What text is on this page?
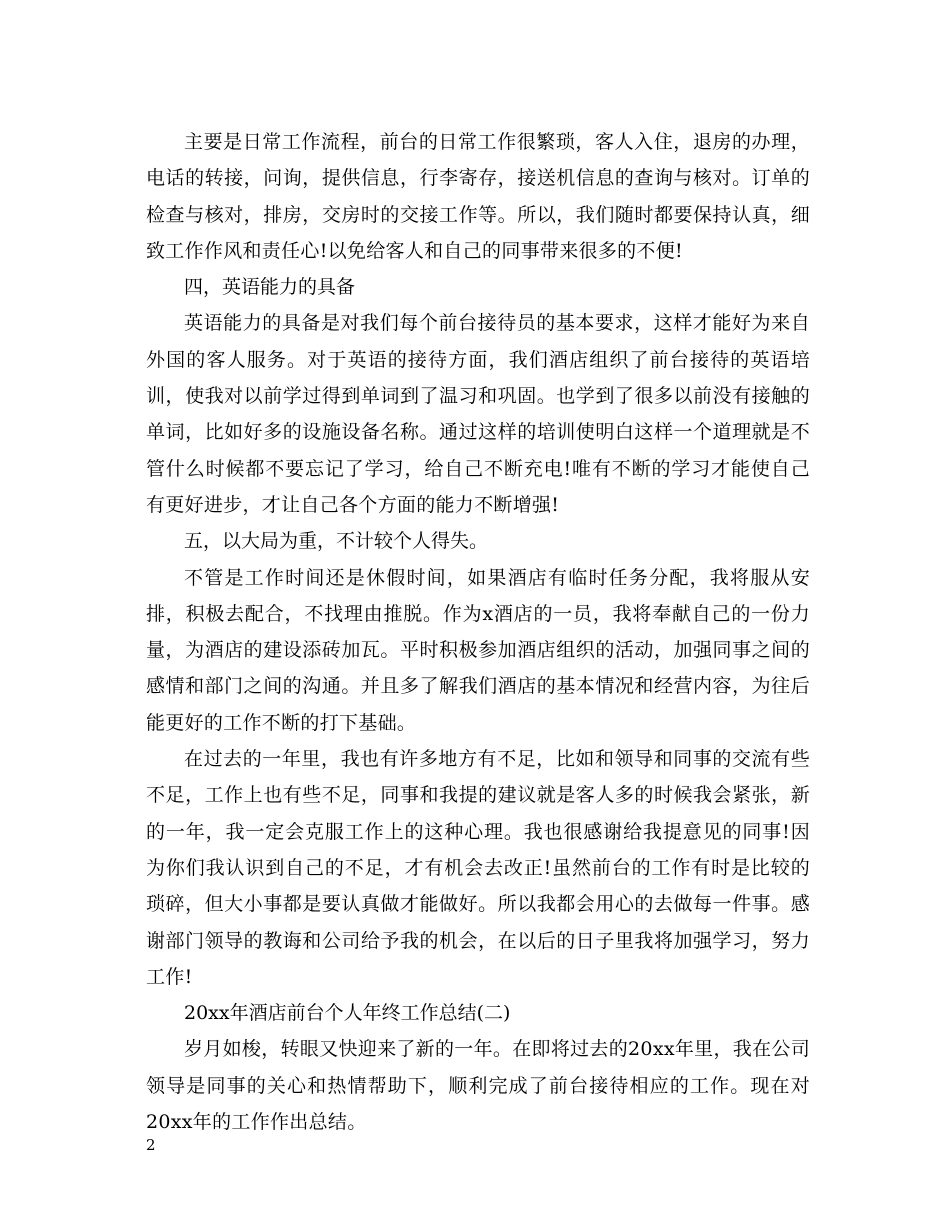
主要是日常工作流程，前台的日常工作很繁琐，客人入住，退房的办理，电话的转接，问询，提供信息，行李寄存，接送机信息的查询与核对。订单的检查与核对，排房，交房时的交接工作等。所以，我们随时都要保持认真，细致工作作风和责任心!以免给客人和自己的同事带来很多的不便!

四，英语能力的具备

英语能力的具备是对我们每个前台接待员的基本要求，这样才能好为来自外国的客人服务。对于英语的接待方面，我们酒店组织了前台接待的英语培训，使我对以前学过得到单词到了温习和巩固。也学到了很多以前没有接触的单词，比如好多的设施设备名称。通过这样的培训使明白这样一个道理就是不管什么时候都不要忘记了学习，给自己不断充电!唯有不断的学习才能使自己有更好进步，才让自己各个方面的能力不断增强!

五，以大局为重，不计较个人得失。

不管是工作时间还是休假时间，如果酒店有临时任务分配，我将服从安排，积极去配合，不找理由推脱。作为x酒店的一员，我将奉献自己的一份力量，为酒店的建设添砖加瓦。平时积极参加酒店组织的活动，加强同事之间的感情和部门之间的沟通。并且多了解我们酒店的基本情况和经营内容，为往后能更好的工作不断的打下基础。

在过去的一年里，我也有许多地方有不足，比如和领导和同事的交流有些不足，工作上也有些不足，同事和我提的建议就是客人多的时候我会紧张，新的一年，我一定会克服工作上的这种心理。我也很感谢给我提意见的同事!因为你们我认识到自己的不足，才有机会去改正!虽然前台的工作有时是比较的琐碎，但大小事都是要认真做才能做好。所以我都会用心的去做每一件事。感谢部门领导的教诲和公司给予我的机会，在以后的日子里我将加强学习，努力工作!

20xx年酒店前台个人年终工作总结(二)

岁月如梭，转眼又快迎来了新的一年。在即将过去的20xx年里，我在公司领导是同事的关心和热情帮助下，顺利完成了前台接待相应的工作。现在对20xx年的工作作出总结。

2
